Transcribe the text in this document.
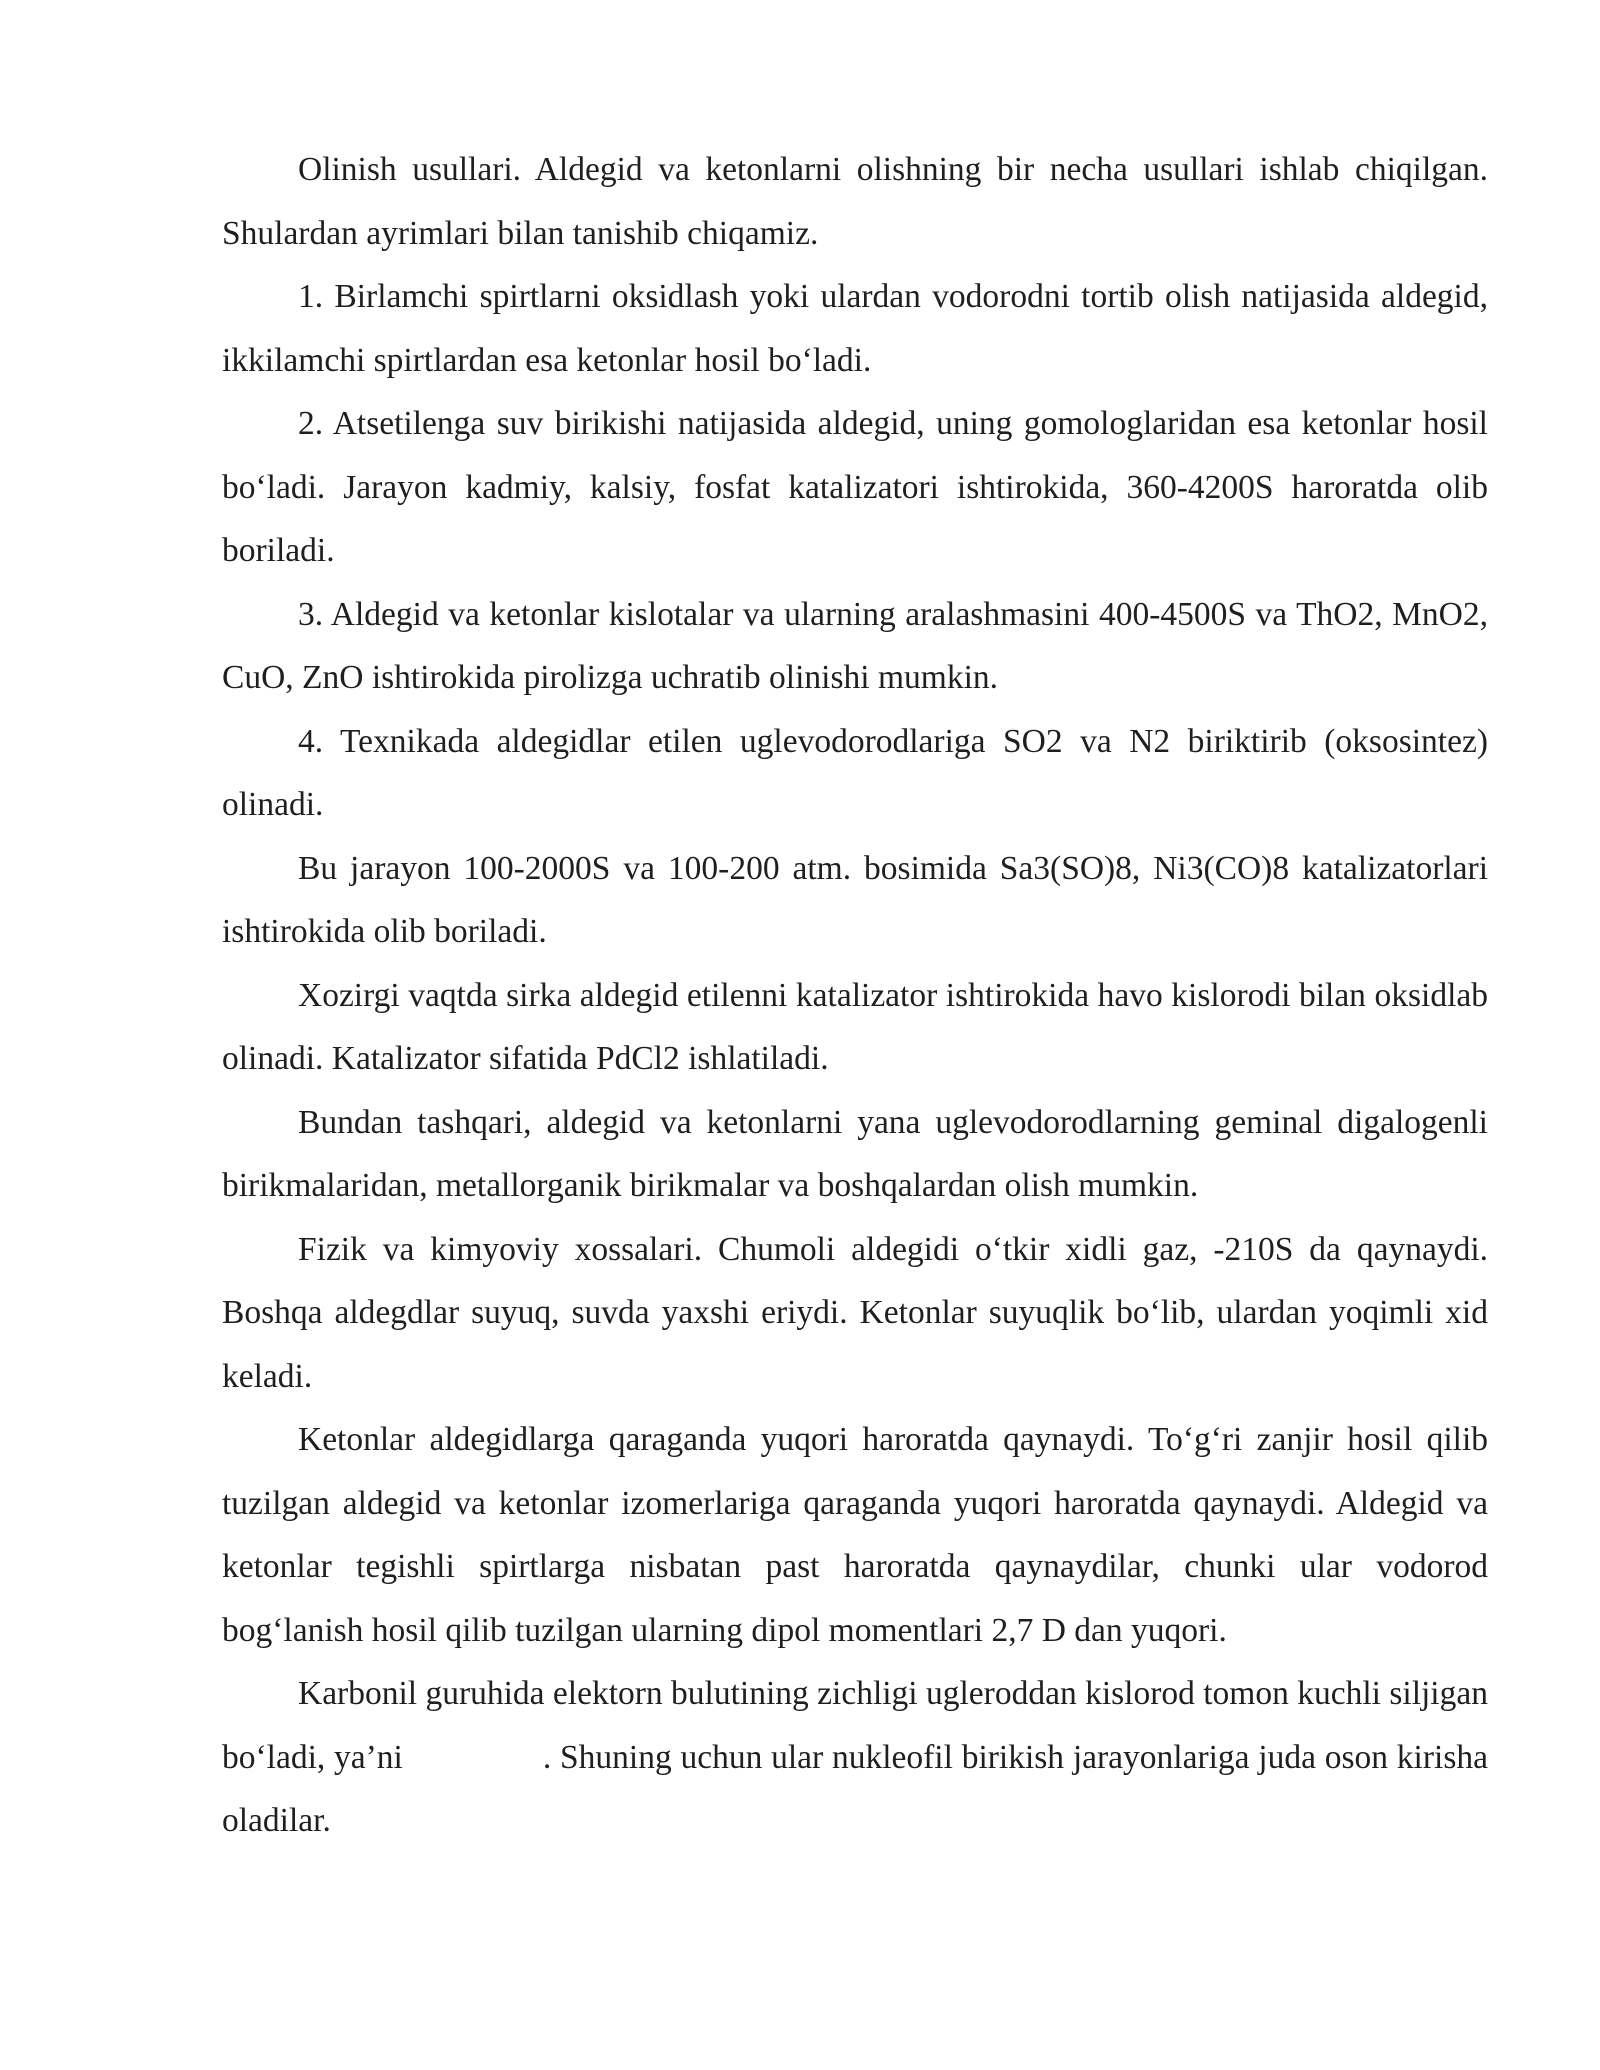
Olinish usullari. Aldegid va ketonlarni olishning bir necha usullari ishlab chiqilgan. Shulardan ayrimlari bilan tanishib chiqamiz.

1. Birlamchi spirtlarni oksidlash yoki ulardan vodorodni tortib olish natijasida aldegid, ikkilamchi spirtlardan esa ketonlar hosil bo‘ladi.

2. Atsetilenga suv birikishi natijasida aldegid, uning gomologlaridan esa ketonlar hosil bo‘ladi. Jarayon kadmiy, kalsiy, fosfat katalizatori ishtirokida, 360-4200S haroratda olib boriladi.

3. Aldegid va ketonlar kislotalar va ularning aralashmasini 400-4500S va ThO2, MnO2, CuO, ZnO ishtirokida pirolizga uchratib olinishi mumkin.

4. Texnikada aldegidlar etilen uglevodorodlariga SO2 va N2 biriktirib (oksosintez) olinadi.

Bu jarayon 100-2000S va 100-200 atm. bosimida Sa3(SO)8, Ni3(CO)8 katalizatorlari ishtirokida olib boriladi.

Xozirgi vaqtda sirka aldegid etilenni katalizator ishtirokida havo kislorodi bilan oksidlab olinadi. Katalizator sifatida PdCl2 ishlatiladi.

Bundan tashqari, aldegid va ketonlarni yana uglevodorodlarning geminal digalogenli birikmalaridan, metallorganik birikmalar va boshqalardan olish mumkin.

Fizik va kimyoviy xossalari. Chumoli aldegidi o‘tkir xidli gaz, -210S da qaynaydi. Boshqa aldegdlar suyuq, suvda yaxshi eriydi. Ketonlar suyuqlik bo‘lib, ulardan yoqimli xid keladi.

Ketonlar aldegidlarga qaraganda yuqori haroratda qaynaydi. To‘g‘ri zanjir hosil qilib tuzilgan aldegid va ketonlar izomerlariga qaraganda yuqori haroratda qaynaydi. Aldegid va ketonlar tegishli spirtlarga nisbatan past haroratda qaynaydilar, chunki ular vodorod bog‘lanish hosil qilib tuzilgan ularning dipol momentlari 2,7 D dan yuqori.

Karbonil guruhida elektorn bulutining zichligi ugleroddan kislorod tomon kuchli siljigan bo‘ladi, ya’ni	. Shuning uchun ular nukleofil birikish jarayonlariga juda oson kirisha oladilar.
